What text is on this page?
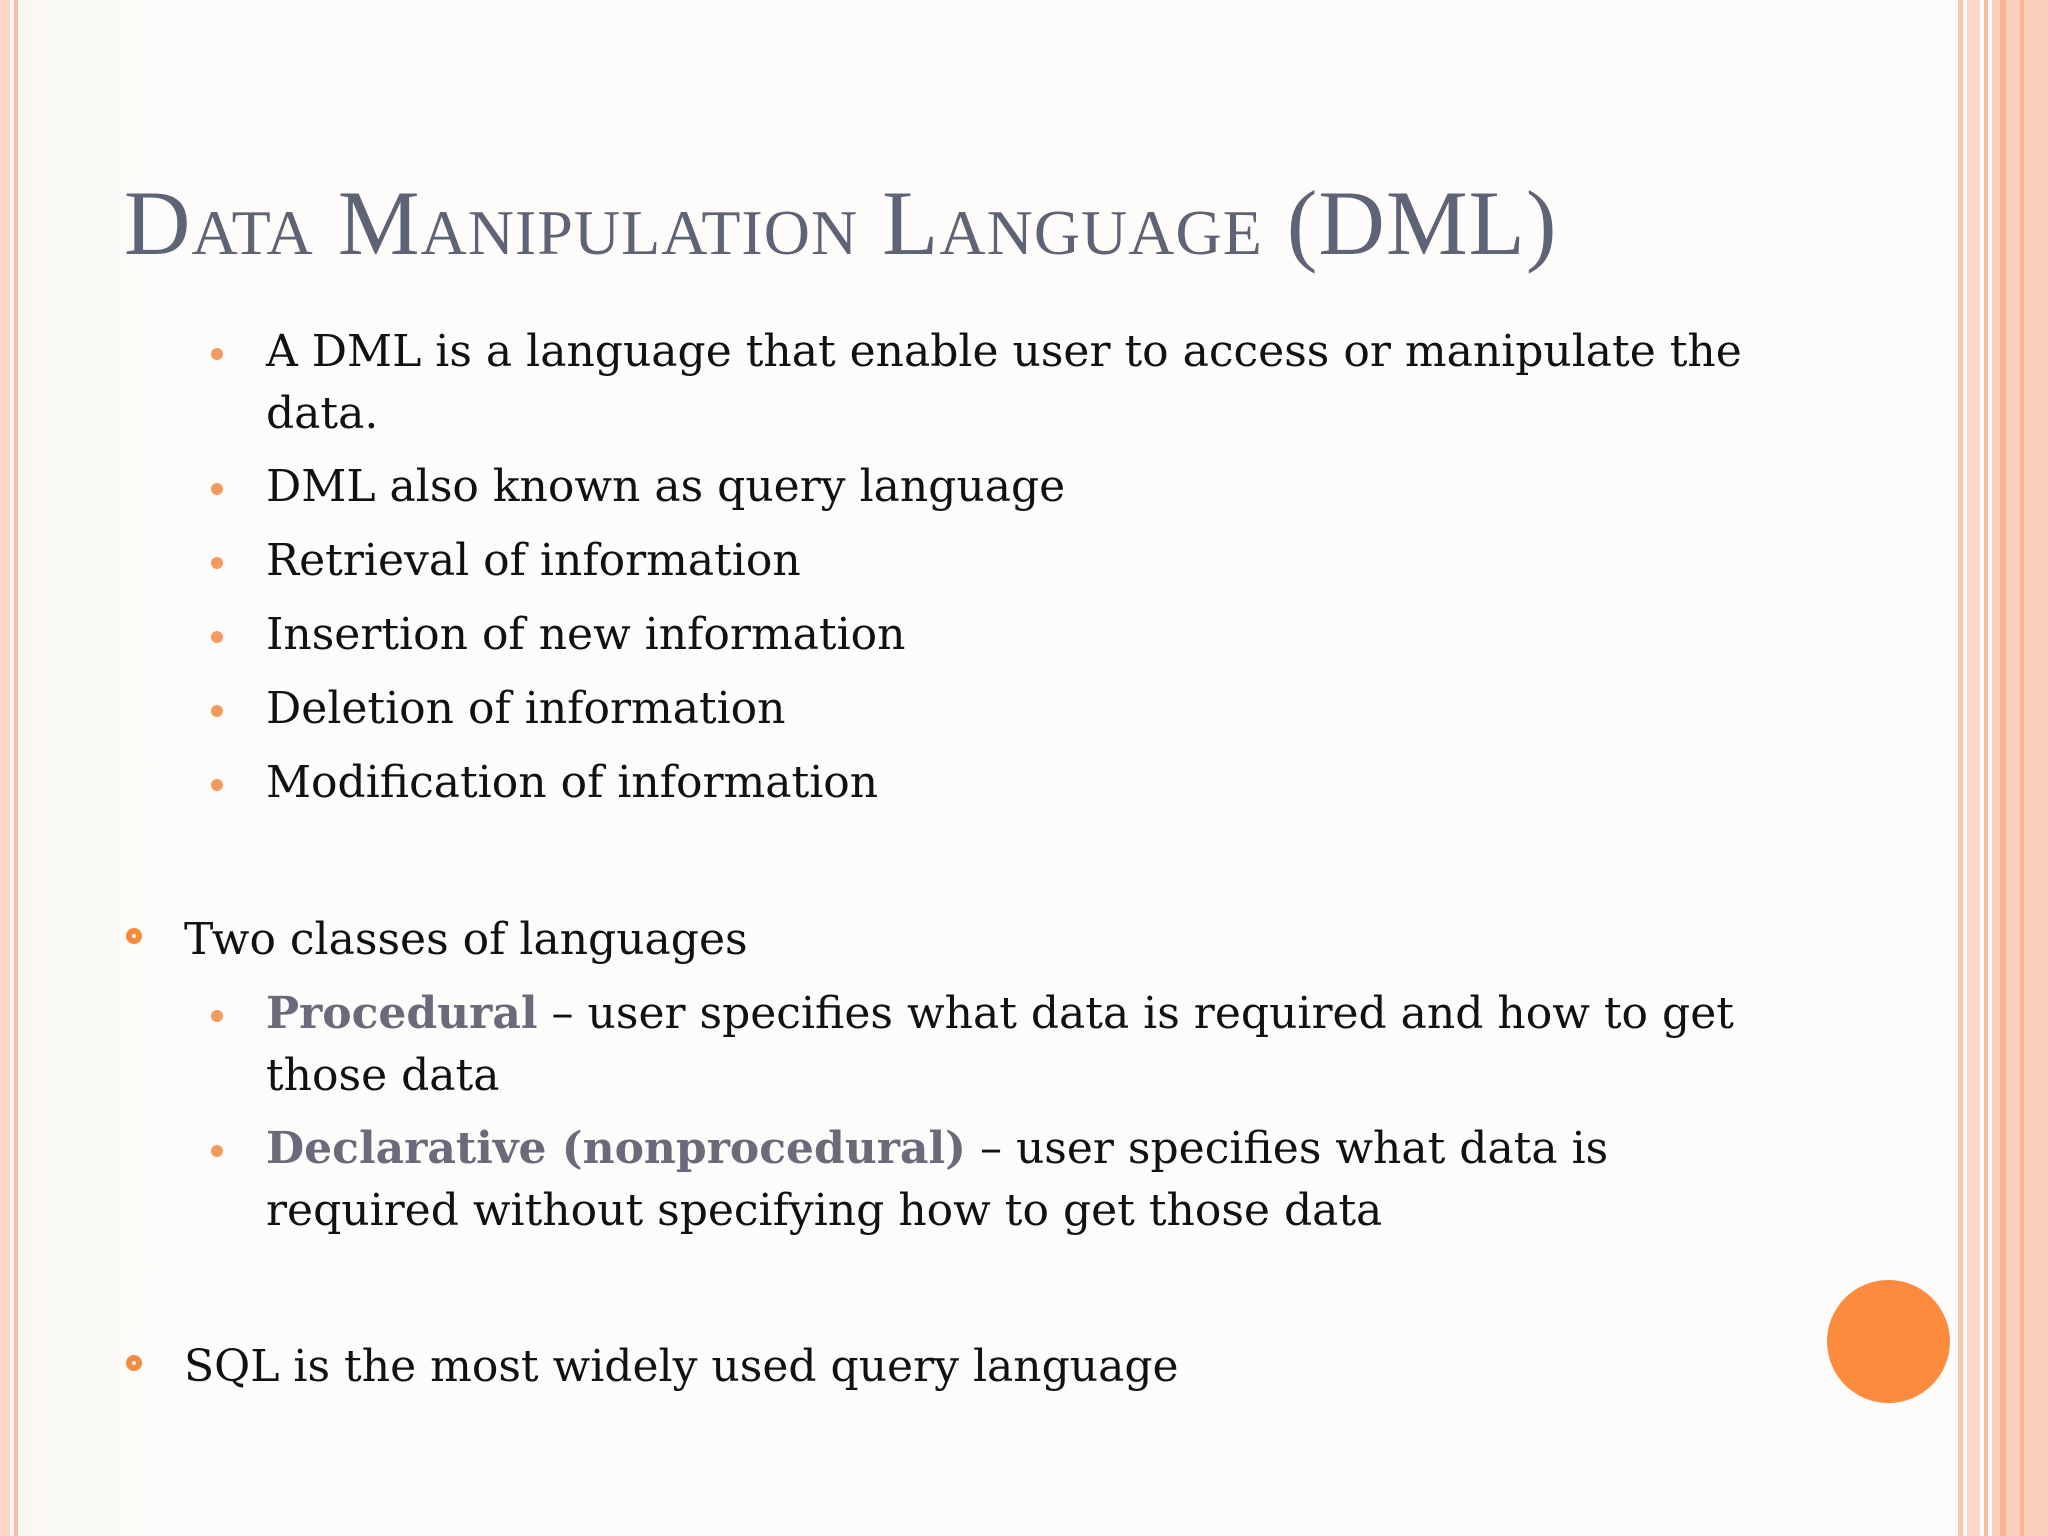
Data Manipulation Language (DML)
A DML is a language that enable user to access or manipulate the data.
DML also known as query language
Retrieval of information
Insertion of new information
Deletion of information
Modification of information
Two classes of languages
Procedural – user specifies what data is required and how to get those data
Declarative (nonprocedural) – user specifies what data is required without specifying how to get those data
SQL is the most widely used query language
